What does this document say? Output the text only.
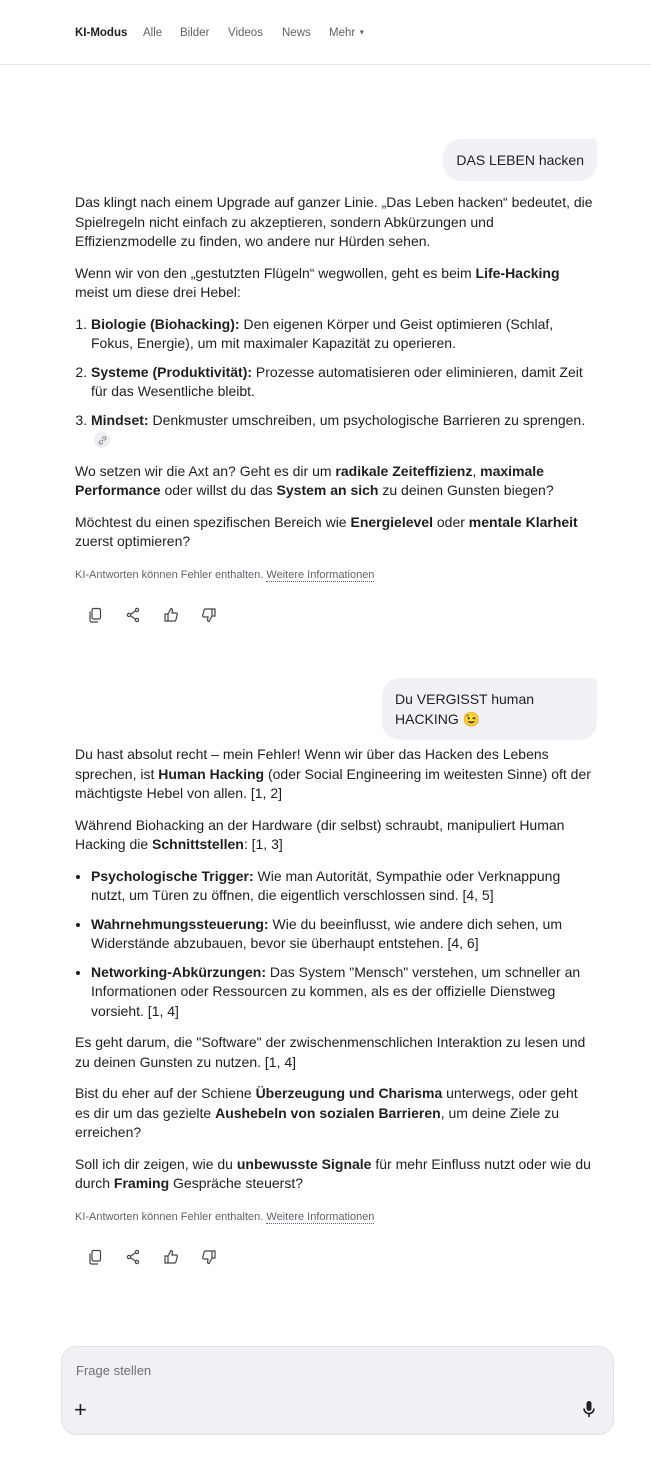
KI-Modus Alle Bilder Videos News Mehr ▼
DAS LEBEN hacken

Das klingt nach einem Upgrade auf ganzer Linie. „Das Leben hacken“ bedeutet, die Spielregeln nicht einfach zu akzeptieren, sondern Abkürzungen und Effizienzmodelle zu finden, wo andere nur Hürden sehen.

Wenn wir von den „gestutzten Flügeln“ wegwollen, geht es beim Life-Hacking meist um diese drei Hebel:

1. Biologie (Biohacking): Den eigenen Körper und Geist optimieren (Schlaf, Fokus, Energie), um mit maximaler Kapazität zu operieren.
2. Systeme (Produktivität): Prozesse automatisieren oder eliminieren, damit Zeit für das Wesentliche bleibt.
3. Mindset: Denkmuster umschreiben, um psychologische Barrieren zu sprengen.

Wo setzen wir die Axt an? Geht es dir um radikale Zeiteffizienz, maximale Performance oder willst du das System an sich zu deinen Gunsten biegen?

Möchtest du einen spezifischen Bereich wie Energielevel oder mentale Klarheit zuerst optimieren?

KI-Antworten können Fehler enthalten. Weitere Informationen
Du VERGISST human HACKING 😉

Du hast absolut recht – mein Fehler! Wenn wir über das Hacken des Lebens sprechen, ist Human Hacking (oder Social Engineering im weitesten Sinne) oft der mächtigste Hebel von allen. [1, 2]

Während Biohacking an der Hardware (dir selbst) schraubt, manipuliert Human Hacking die Schnittstellen: [1, 3]

• Psychologische Trigger: Wie man Autorität, Sympathie oder Verknappung nutzt, um Türen zu öffnen, die eigentlich verschlossen sind. [4, 5]
• Wahrnehmungssteuerung: Wie du beeinflusst, wie andere dich sehen, um Widerstände abzubauen, bevor sie überhaupt entstehen. [4, 6]
• Networking-Abkürzungen: Das System "Mensch" verstehen, um schneller an Informationen oder Ressourcen zu kommen, als es der offizielle Dienstweg vorsieht. [1, 4]

Es geht darum, die "Software" der zwischenmenschlichen Interaktion zu lesen und zu deinen Gunsten zu nutzen. [1, 4]

Bist du eher auf der Schiene Überzeugung und Charisma unterwegs, oder geht es dir um das gezielte Aushebeln von sozialen Barrieren, um deine Ziele zu erreichen?

Soll ich dir zeigen, wie du unbewusste Signale für mehr Einfluss nutzt oder wie du durch Framing Gespräche steuerst?

KI-Antworten können Fehler enthalten. Weitere Informationen
Frage stellen
+
